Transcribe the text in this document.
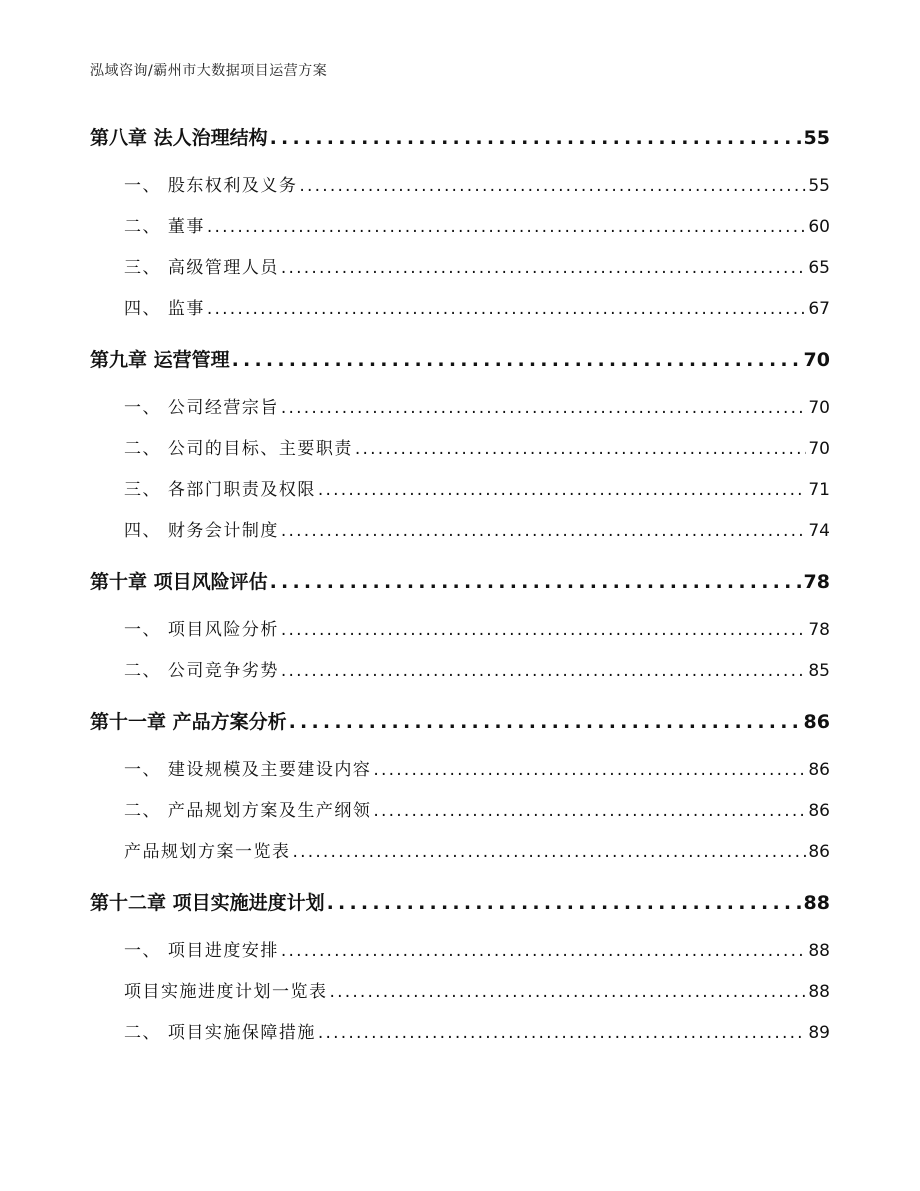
泓域咨询/霸州市大数据项目运营方案
第八章 法人治理结构 . . .	55
一、 股东权利及义务 . . .	55
二、 董事 . . .	60
三、 高级管理人员 . . .	65
四、 监事 . . .	67
第九章 运营管理 . . .	70
一、 公司经营宗旨 . . .	70
二、 公司的目标、主要职责 . . .	70
三、 各部门职责及权限 . . .	71
四、 财务会计制度 . . .	74
第十章 项目风险评估 . . .	78
一、 项目风险分析 . . .	78
二、 公司竞争劣势 . . .	85
第十一章 产品方案分析 . . .	86
一、 建设规模及主要建设内容 . . .	86
二、 产品规划方案及生产纲领 . . .	86
产品规划方案一览表 . . .	86
第十二章 项目实施进度计划 . . .	88
一、 项目进度安排 . . .	88
项目实施进度计划一览表 . . .	88
二、 项目实施保障措施 . . .	89
